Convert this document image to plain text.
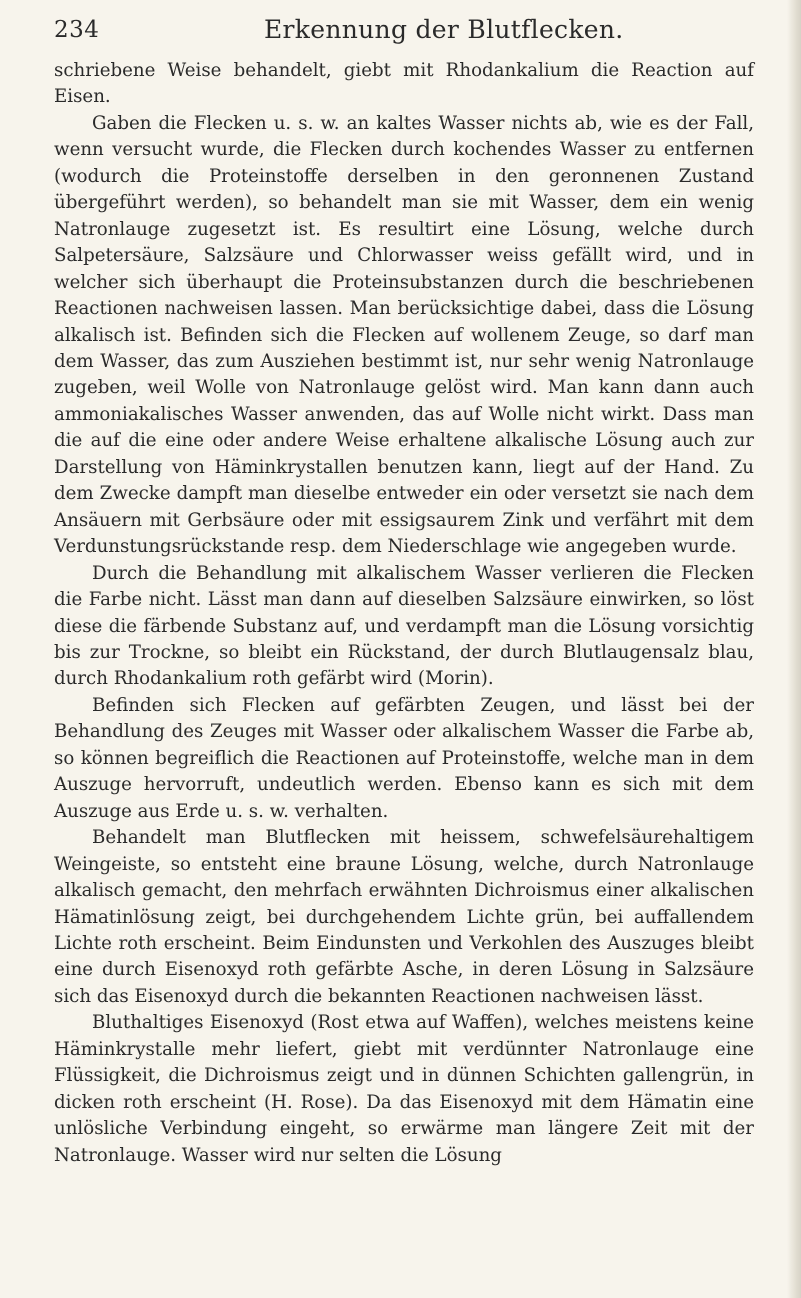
234	Erkennung der Blutflecken.

schriebene Weise behandelt, giebt mit Rhodankalium die Reaction auf Eisen.

Gaben die Flecken u. s. w. an kaltes Wasser nichts ab, wie es der Fall, wenn versucht wurde, die Flecken durch kochendes Wasser zu entfernen (wodurch die Proteinstoffe derselben in den geronnenen Zustand übergeführt werden), so behandelt man sie mit Wasser, dem ein wenig Natronlauge zugesetzt ist. Es resultirt eine Lösung, welche durch Salpetersäure, Salzsäure und Chlorwasser weiss gefällt wird, und in welcher sich überhaupt die Proteinsubstanzen durch die beschriebenen Reactionen nachweisen lassen. Man berücksichtige dabei, dass die Lösung alkalisch ist. Befinden sich die Flecken auf wollenem Zeuge, so darf man dem Wasser, das zum Ausziehen bestimmt ist, nur sehr wenig Natronlauge zugeben, weil Wolle von Natronlauge gelöst wird. Man kann dann auch ammoniakalisches Wasser anwenden, das auf Wolle nicht wirkt. Dass man die auf die eine oder andere Weise erhaltene alkalische Lösung auch zur Darstellung von Häminkrystallen benutzen kann, liegt auf der Hand. Zu dem Zwecke dampft man dieselbe entweder ein oder versetzt sie nach dem Ansäuern mit Gerbsäure oder mit essigsaurem Zink und verfährt mit dem Verdunstungsrückstande resp. dem Niederschlage wie angegeben wurde.

Durch die Behandlung mit alkalischem Wasser verlieren die Flecken die Farbe nicht. Lässt man dann auf dieselben Salzsäure einwirken, so löst diese die färbende Substanz auf, und verdampft man die Lösung vorsichtig bis zur Trockne, so bleibt ein Rückstand, der durch Blutlaugensalz blau, durch Rhodankalium roth gefärbt wird (Morin).

Befinden sich Flecken auf gefärbten Zeugen, und lässt bei der Behandlung des Zeuges mit Wasser oder alkalischem Wasser die Farbe ab, so können begreiflich die Reactionen auf Proteinstoffe, welche man in dem Auszuge hervorruft, undeutlich werden. Ebenso kann es sich mit dem Auszuge aus Erde u. s. w. verhalten.

Behandelt man Blutflecken mit heissem, schwefelsäurehaltigem Weingeiste, so entsteht eine braune Lösung, welche, durch Natronlauge alkalisch gemacht, den mehrfach erwähnten Dichroismus einer alkalischen Hämatinlösung zeigt, bei durchgehendem Lichte grün, bei auffallendem Lichte roth erscheint. Beim Eindunsten und Verkohlen des Auszuges bleibt eine durch Eisenoxyd roth gefärbte Asche, in deren Lösung in Salzsäure sich das Eisenoxyd durch die bekannten Reactionen nachweisen lässt.

Bluthaltiges Eisenoxyd (Rost etwa auf Waffen), welches meistens keine Häminkrystalle mehr liefert, giebt mit verdünnter Natronlauge eine Flüssigkeit, die Dichroismus zeigt und in dünnen Schichten gallengrün, in dicken roth erscheint (H. Rose). Da das Eisenoxyd mit dem Hämatin eine unlösliche Verbindung eingeht, so erwärme man längere Zeit mit der Natronlauge. Wasser wird nur selten die Lösung
